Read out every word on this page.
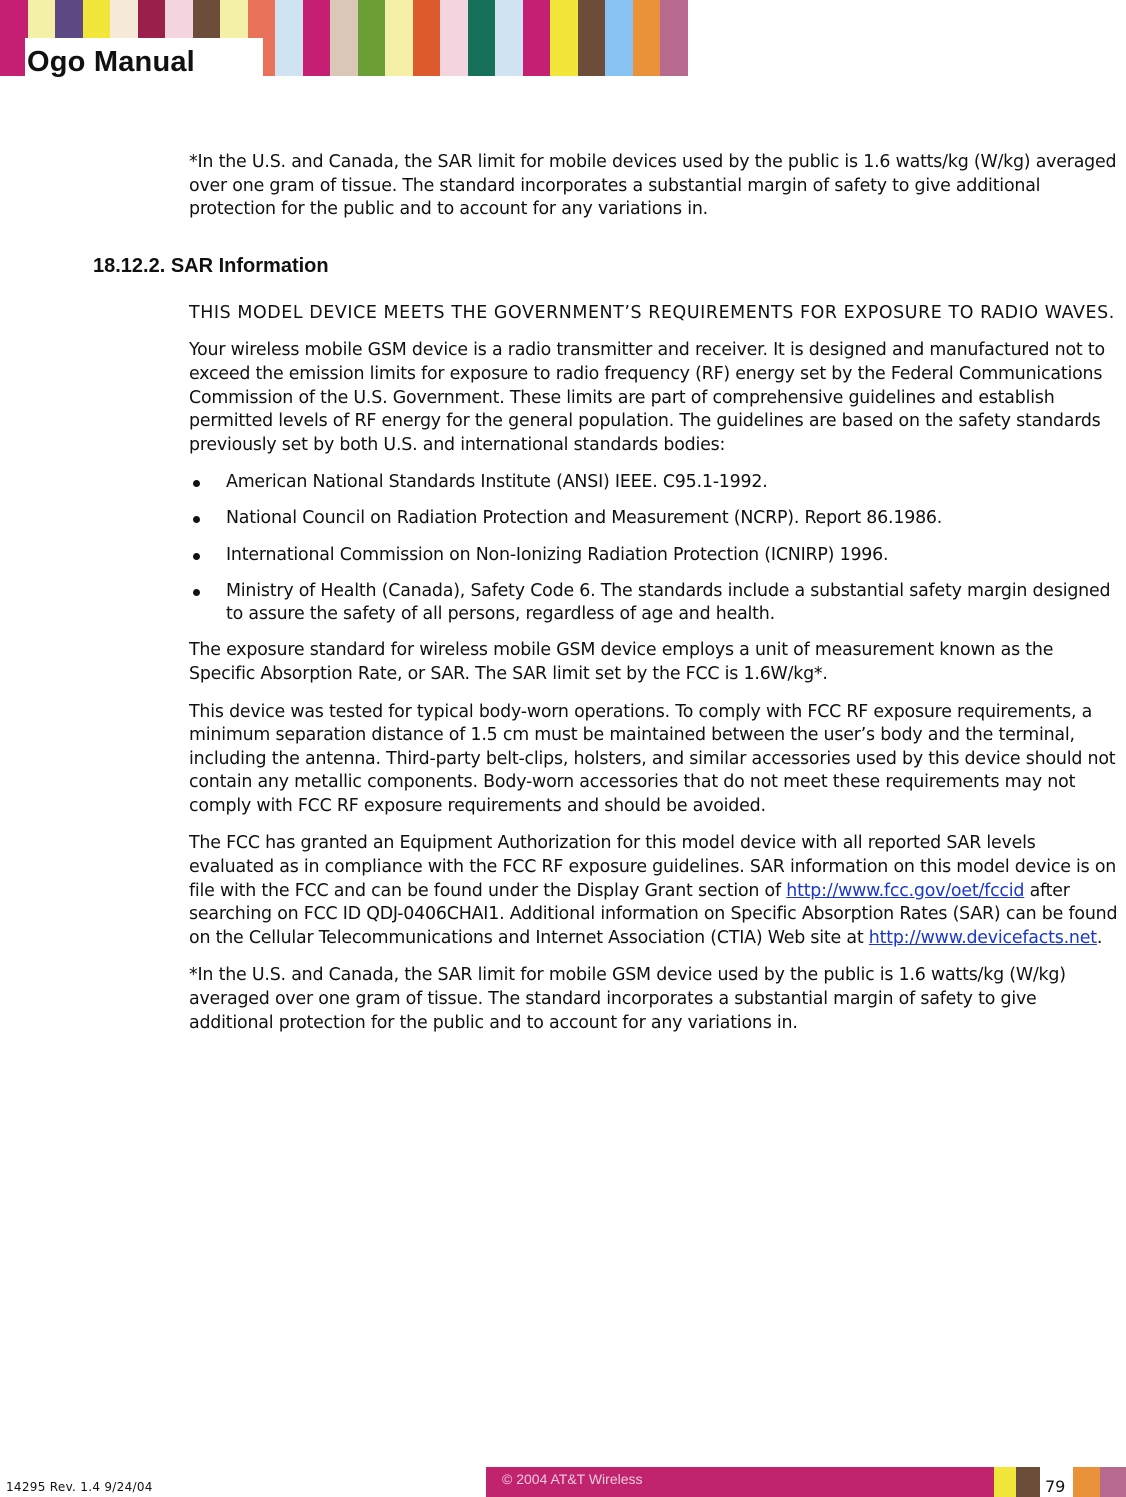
Ogo Manual
18.12.2. SAR Information

*In the U.S. and Canada, the SAR limit for mobile devices used by the public is 1.6 watts/kg (W/kg) averaged over one gram of tissue. The standard incorporates a substantial margin of safety to give additional protection for the public and to account for any variations in.

THIS MODEL DEVICE MEETS THE GOVERNMENT’S REQUIREMENTS FOR EXPOSURE TO RADIO WAVES.

Your wireless mobile GSM device is a radio transmitter and receiver. It is designed and manufactured not to exceed the emission limits for exposure to radio frequency (RF) energy set by the Federal Communications Commission of the U.S. Government. These limits are part of comprehensive guidelines and establish permitted levels of RF energy for the general population. The guidelines are based on the safety standards previously set by both U.S. and international standards bodies:

American National Standards Institute (ANSI) IEEE. C95.1-1992.
National Council on Radiation Protection and Measurement (NCRP). Report 86.1986.
International Commission on Non-Ionizing Radiation Protection (ICNIRP) 1996.
Ministry of Health (Canada), Safety Code 6. The standards include a substantial safety margin designed to assure the safety of all persons, regardless of age and health.

The exposure standard for wireless mobile GSM device employs a unit of measurement known as the Specific Absorption Rate, or SAR. The SAR limit set by the FCC is 1.6W/kg*.

This device was tested for typical body-worn operations. To comply with FCC RF exposure requirements, a minimum separation distance of 1.5 cm must be maintained between the user’s body and the terminal, including the antenna. Third-party belt-clips, holsters, and similar accessories used by this device should not contain any metallic components. Body-worn accessories that do not meet these requirements may not comply with FCC RF exposure requirements and should be avoided.

The FCC has granted an Equipment Authorization for this model device with all reported SAR levels evaluated as in compliance with the FCC RF exposure guidelines. SAR information on this model device is on file with the FCC and can be found under the Display Grant section of http://www.fcc.gov/oet/fccid after searching on FCC ID QDJ-0406CHAI1. Additional information on Specific Absorption Rates (SAR) can be found on the Cellular Telecommunications and Internet Association (CTIA) Web site at http://www.devicefacts.net.

*In the U.S. and Canada, the SAR limit for mobile GSM device used by the public is 1.6 watts/kg (W/kg) averaged over one gram of tissue. The standard incorporates a substantial margin of safety to give additional protection for the public and to account for any variations in.

14295 Rev. 1.4 9/24/04	© 2004 AT&T Wireless	79
